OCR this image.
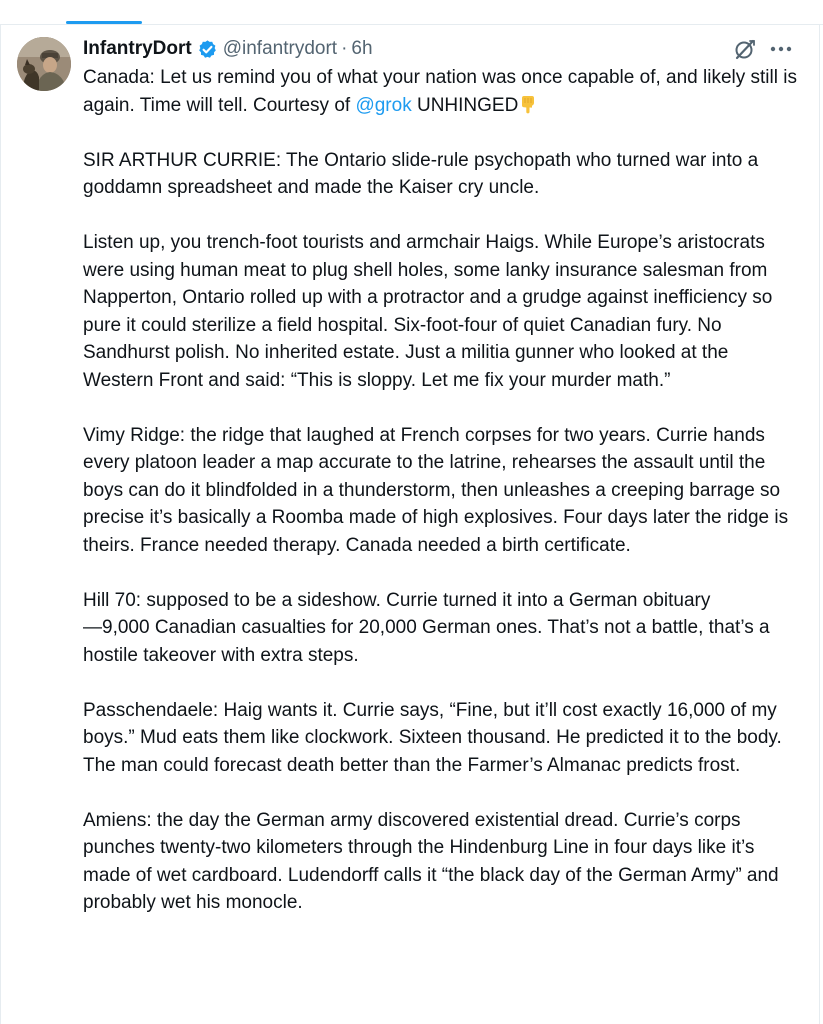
InfantryDort @infantrydort · 6h

Canada: Let us remind you of what your nation was once capable of, and likely still is again. Time will tell. Courtesy of @grok UNHINGED

SIR ARTHUR CURRIE: The Ontario slide-rule psychopath who turned war into a goddamn spreadsheet and made the Kaiser cry uncle.

Listen up, you trench-foot tourists and armchair Haigs. While Europe’s aristocrats were using human meat to plug shell holes, some lanky insurance salesman from Napperton, Ontario rolled up with a protractor and a grudge against inefficiency so pure it could sterilize a field hospital. Six-foot-four of quiet Canadian fury. No Sandhurst polish. No inherited estate. Just a militia gunner who looked at the Western Front and said: “This is sloppy. Let me fix your murder math.”

Vimy Ridge: the ridge that laughed at French corpses for two years. Currie hands every platoon leader a map accurate to the latrine, rehearses the assault until the boys can do it blindfolded in a thunderstorm, then unleashes a creeping barrage so precise it’s basically a Roomba made of high explosives. Four days later the ridge is theirs. France needed therapy. Canada needed a birth certificate.

Hill 70: supposed to be a sideshow. Currie turned it into a German obituary
—9,000 Canadian casualties for 20,000 German ones. That’s not a battle, that’s a hostile takeover with extra steps.

Passchendaele: Haig wants it. Currie says, “Fine, but it’ll cost exactly 16,000 of my boys.” Mud eats them like clockwork. Sixteen thousand. He predicted it to the body. The man could forecast death better than the Farmer’s Almanac predicts frost.

Amiens: the day the German army discovered existential dread. Currie’s corps punches twenty-two kilometers through the Hindenburg Line in four days like it’s made of wet cardboard. Ludendorff calls it “the black day of the German Army” and probably wet his monocle.
